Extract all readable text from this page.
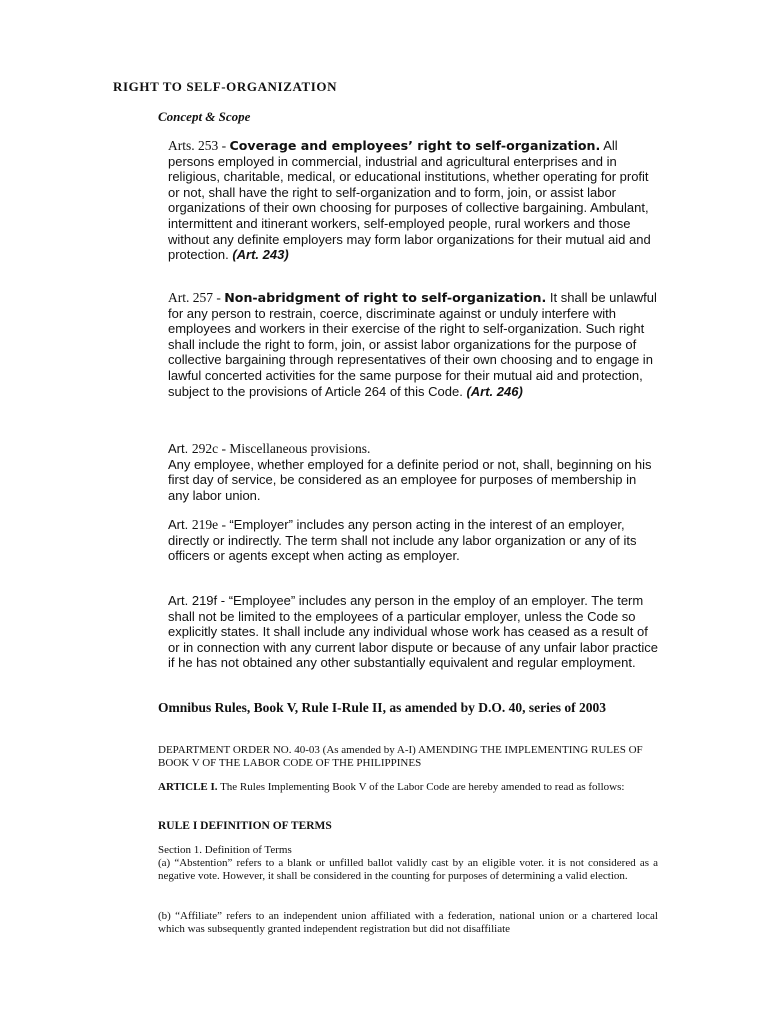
RIGHT TO SELF-ORGANIZATION
Concept & Scope
Arts. 253 - Coverage and employees’ right to self-organization. All persons employed in commercial, industrial and agricultural enterprises and in religious, charitable, medical, or educational institutions, whether operating for profit or not, shall have the right to self-organization and to form, join, or assist labor organizations of their own choosing for purposes of collective bargaining. Ambulant, intermittent and itinerant workers, self-employed people, rural workers and those without any definite employers may form labor organizations for their mutual aid and protection. (Art. 243)
Art. 257 - Non-abridgment of right to self-organization. It shall be unlawful for any person to restrain, coerce, discriminate against or unduly interfere with employees and workers in their exercise of the right to self-organization. Such right shall include the right to form, join, or assist labor organizations for the purpose of collective bargaining through representatives of their own choosing and to engage in lawful concerted activities for the same purpose for their mutual aid and protection, subject to the provisions of Article 264 of this Code. (Art. 246)
Art. 292c - Miscellaneous provisions.
Any employee, whether employed for a definite period or not, shall, beginning on his first day of service, be considered as an employee for purposes of membership in any labor union.
Art. 219e - “Employer” includes any person acting in the interest of an employer, directly or indirectly. The term shall not include any labor organization or any of its officers or agents except when acting as employer.
Art. 219f - “Employee” includes any person in the employ of an employer. The term shall not be limited to the employees of a particular employer, unless the Code so explicitly states. It shall include any individual whose work has ceased as a result of or in connection with any current labor dispute or because of any unfair labor practice if he has not obtained any other substantially equivalent and regular employment.
Omnibus Rules, Book V, Rule I-Rule II, as amended by D.O. 40, series of 2003
DEPARTMENT ORDER NO. 40-03 (As amended by A-I) AMENDING THE IMPLEMENTING RULES OF BOOK V OF THE LABOR CODE OF THE PHILIPPINES
ARTICLE I. The Rules Implementing Book V of the Labor Code are hereby amended to read as follows:
RULE I DEFINITION OF TERMS
Section 1. Definition of Terms
(a) “Abstention” refers to a blank or unfilled ballot validly cast by an eligible voter. it is not considered as a negative vote. However, it shall be considered in the counting for purposes of determining a valid election.
(b) “Affiliate” refers to an independent union affiliated with a federation, national union or a chartered local which was subsequently granted independent registration but did not disaffiliate
